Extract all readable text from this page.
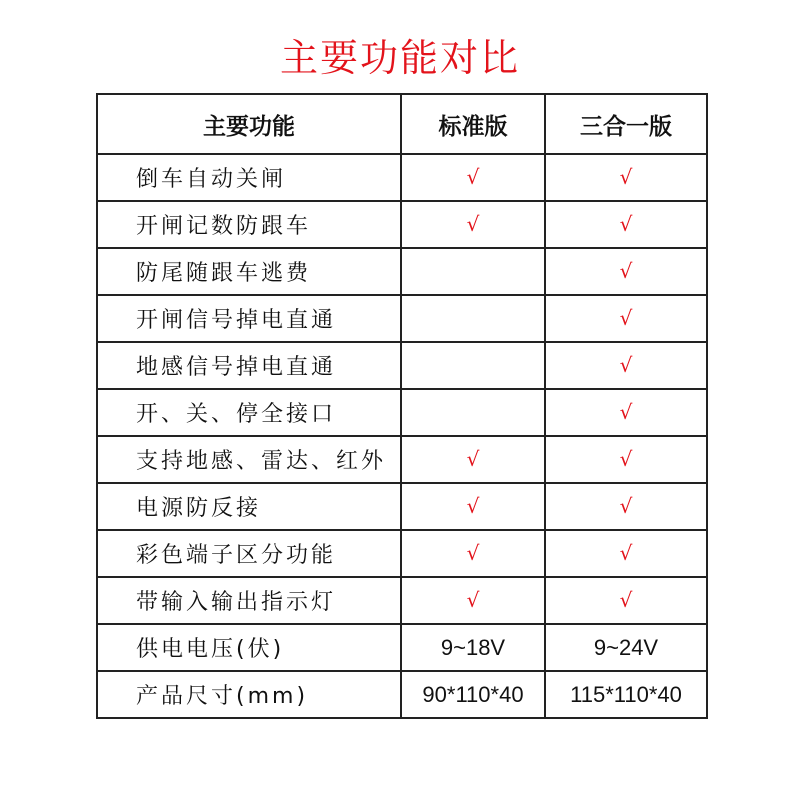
主要功能对比
主要功能	标准版	三合一版
倒车自动关闸	√	√
开闸记数防跟车	√	√
防尾随跟车逃费		√
开闸信号掉电直通		√
地感信号掉电直通		√
开、关、停全接口		√
支持地感、雷达、红外	√	√
电源防反接	√	√
彩色端子区分功能	√	√
带输入输出指示灯	√	√
供电电压(伏)	9~18V	9~24V
产品尺寸(mm)	90*110*40	115*110*40
